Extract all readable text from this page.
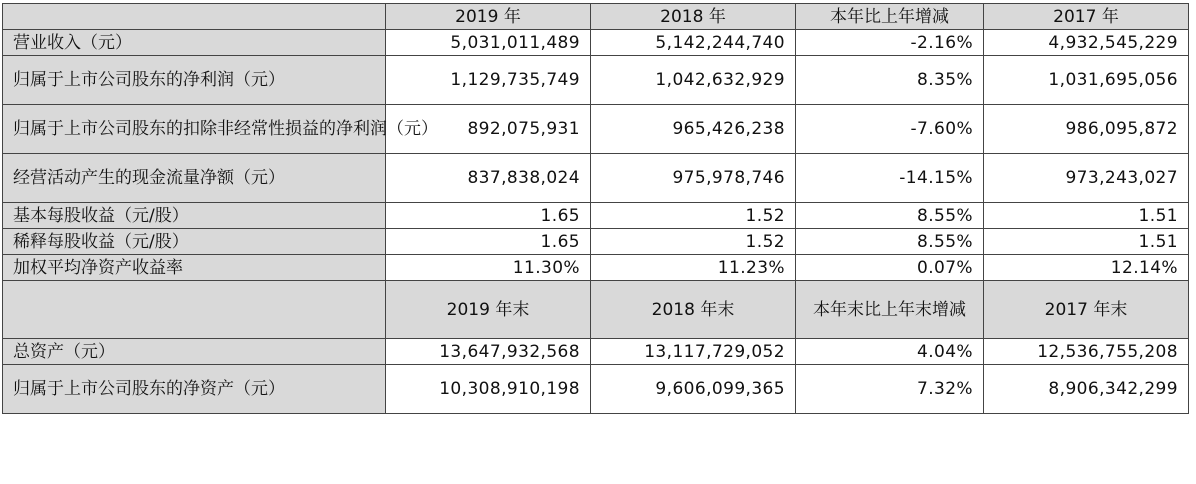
	2019 年	2018 年	本年比上年增减	2017 年
营业收入（元）	5,031,011,489	5,142,244,740	-2.16%	4,932,545,229
归属于上市公司股东的净利润（元）	1,129,735,749	1,042,632,929	8.35%	1,031,695,056
归属于上市公司股东的扣除非经常性损益的净利润（元）	892,075,931	965,426,238	-7.60%	986,095,872
经营活动产生的现金流量净额（元）	837,838,024	975,978,746	-14.15%	973,243,027
基本每股收益（元/股）	1.65	1.52	8.55%	1.51
稀释每股收益（元/股）	1.65	1.52	8.55%	1.51
加权平均净资产收益率	11.30%	11.23%	0.07%	12.14%
	2019 年末	2018 年末	本年末比上年末增减	2017 年末
总资产（元）	13,647,932,568	13,117,729,052	4.04%	12,536,755,208
归属于上市公司股东的净资产（元）	10,308,910,198	9,606,099,365	7.32%	8,906,342,299
